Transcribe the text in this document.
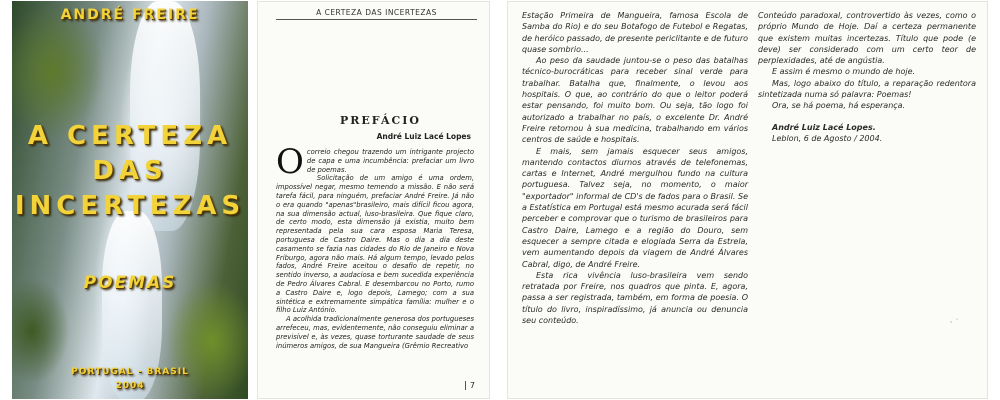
ANDRÉ FREIRE
A CERTEZA
DAS
INCERTEZAS
POEMAS
PORTUGAL - BRASIL
2004
A CERTEZA DAS INCERTEZAS
PREFÁCIO
André Luiz Lacé Lopes
O correio chegou trazendo um intrigante projecto de capa e uma incumbência: prefaciar um livro de poemas.

Solicitação de um amigo é uma ordem, impossível negar, mesmo temendo a missão. E não será tarefa fácil, para ninguém, prefaciar André Freire. Já não o era quando "apenas"brasileiro, mais difícil ficou agora, na sua dimensão actual, luso-brasileira. Que fique claro, de certo modo, esta dimensão já existia, muito bem representada pela sua cara esposa Maria Teresa, portuguesa de Castro Daire. Mas o dia a dia deste casamento se fazia nas cidades do Rio de Janeiro e Nova Friburgo, agora não mais. Há algum tempo, levado pelos fados, André Freire aceitou o desafio de repetir, no sentido inverso, a audaciosa e bem sucedida experiência de Pedro Álvares Cabral. E desembarcou no Porto, rumo a Castro Daire e, logo depois, Lamego; com a sua sintética e extremamente simpática família: mulher e o filho Luiz António.

A acolhida tradicionalmente generosa dos portugueses arrefeceu, mas, evidentemente, não conseguiu eliminar a previsível e, às vezes, quase torturante saudade de seus inúmeros amigos, de sua Mangueira (Grêmio Recreativo

7

Estação Primeira de Mangueira, famosa Escola de Samba do Rio) e do seu Botafogo de Futebol e Regatas, de heróico passado, de presente periclitante e de futuro quase sombrio...

Ao peso da saudade juntou-se o peso das batalhas técnico-burocráticas para receber sinal verde para trabalhar. Batalha que, finalmente, o levou aos hospitais. O que, ao contrário do que o leitor poderá estar pensando, foi muito bom. Ou seja, tão logo foi autorizado a trabalhar no país, o excelente Dr. André Freire retornou à sua medicina, trabalhando em vários centros de saúde e hospitais.

E mais, sem jamais esquecer seus amigos, mantendo contactos diurnos através de telefonemas, cartas e Internet, André mergulhou fundo na cultura portuguesa. Talvez seja, no momento, o maior "exportador" informal de CD's de fados para o Brasil. Se a Estatística em Portugal está mesmo acurada será fácil perceber e comprovar que o turismo de brasileiros para Castro Daire, Lamego e a região do Douro, sem esquecer a sempre citada e elogiada Serra da Estrela, vem aumentando depois da viagem de André Álvares Cabral, digo, de André Freire.

Esta rica vivência luso-brasileira vem sendo retratada por Freire, nos quadros que pinta. E, agora, passa a ser registrada, também, em forma de poesia. O título do livro, inspiradíssimo, já anuncia ou denuncia seu conteúdo.

Conteúdo paradoxal, controvertido às vezes, como o próprio Mundo de Hoje. Daí a certeza permanente que existem muitas incertezas. Título que pode (e deve) ser considerado com um certo teor de perplexidades, até de angústia.

E assim é mesmo o mundo de hoje.

Mas, logo abaixo do título, a reparação redentora sintetizada numa só palavra: Poemas!

Ora, se há poema, há esperança.

André Luiz Lacé Lopes.

Leblon, 6 de Agosto / 2004.

· ˙
